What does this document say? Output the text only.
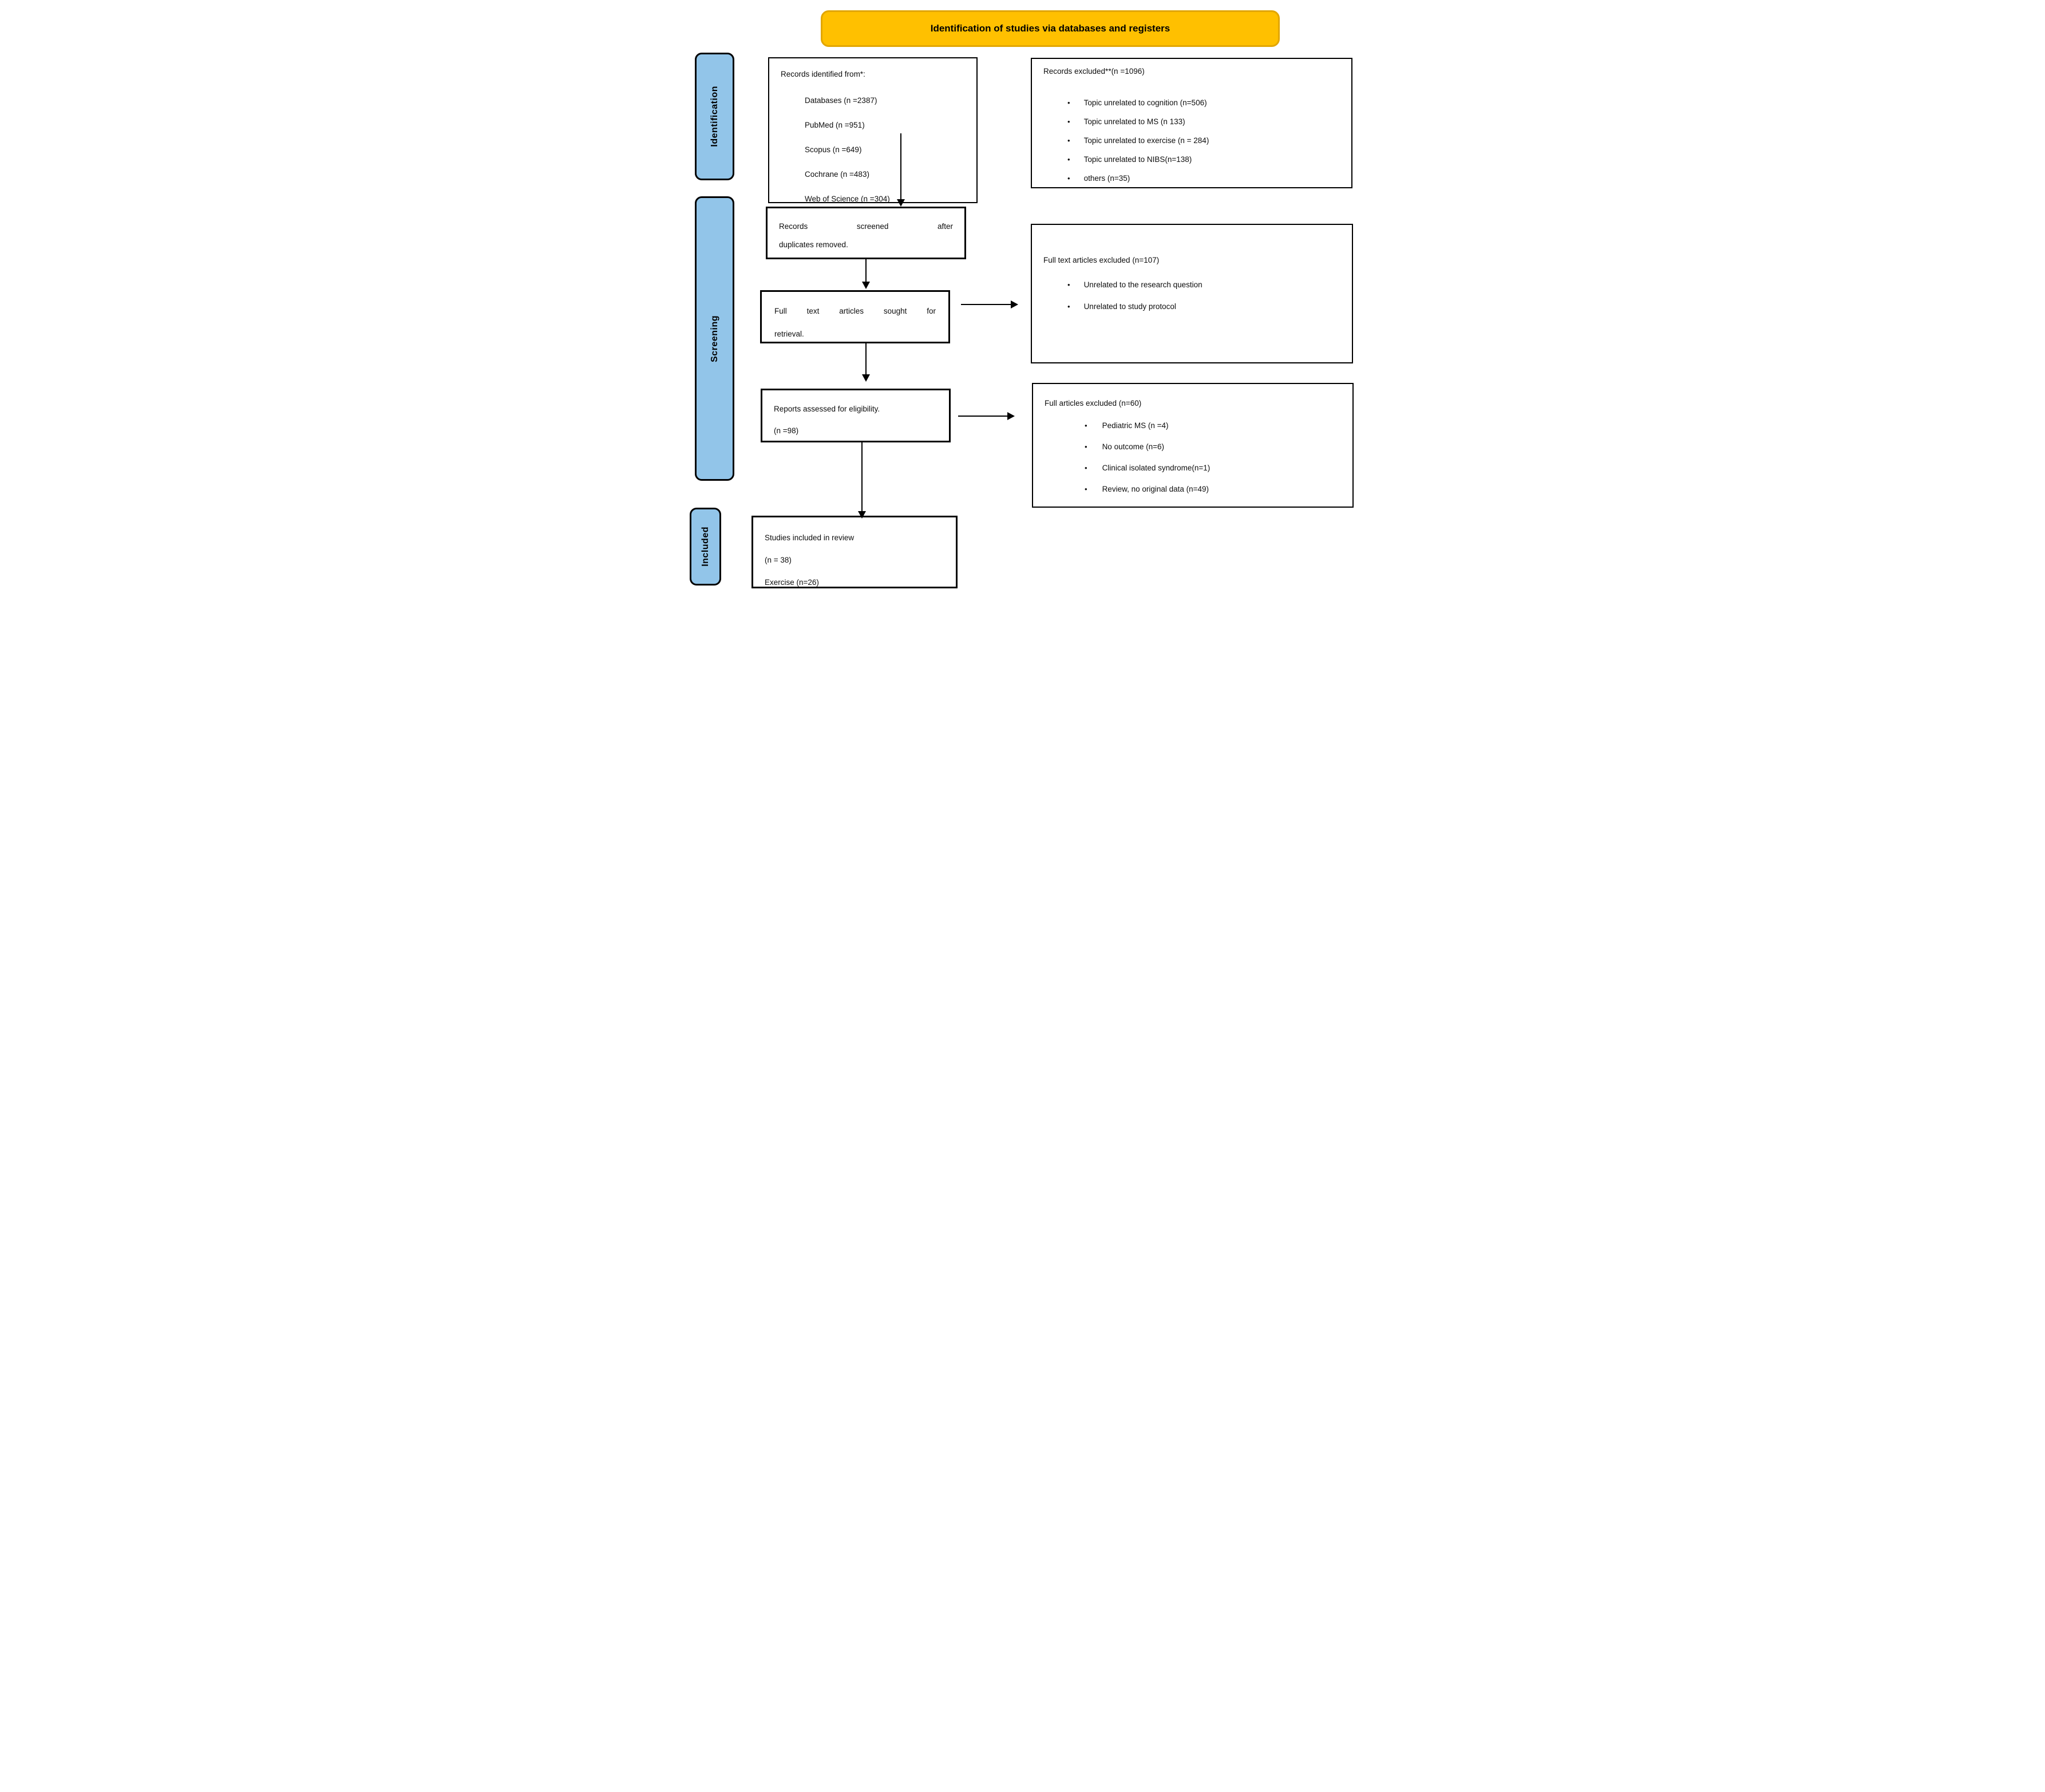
Identification of studies via databases and registers
Identification
Screening
Included
Records identified from*:
Databases (n =2387)
PubMed (n =951)
Scopus (n =649)
Cochrane (n =483)
Web of Science (n =304)
Records excluded**(n =1096)
• Topic unrelated to cognition (n=506)
• Topic unrelated to MS (n 133)
• Topic unrelated to exercise (n = 284)
• Topic unrelated to NIBS(n=138)
• others (n=35)
Records screened after
duplicates removed.
Full text articles sought for
retrieval.
Full text articles excluded (n=107)
• Unrelated to the research question
• Unrelated to study protocol
Reports assessed for eligibility.
(n =98)
Full articles excluded (n=60)
• Pediatric MS (n =4)
• No outcome (n=6)
• Clinical isolated syndrome(n=1)
• Review, no original data (n=49)
Studies included in review
(n = 38)
Exercise (n=26)
